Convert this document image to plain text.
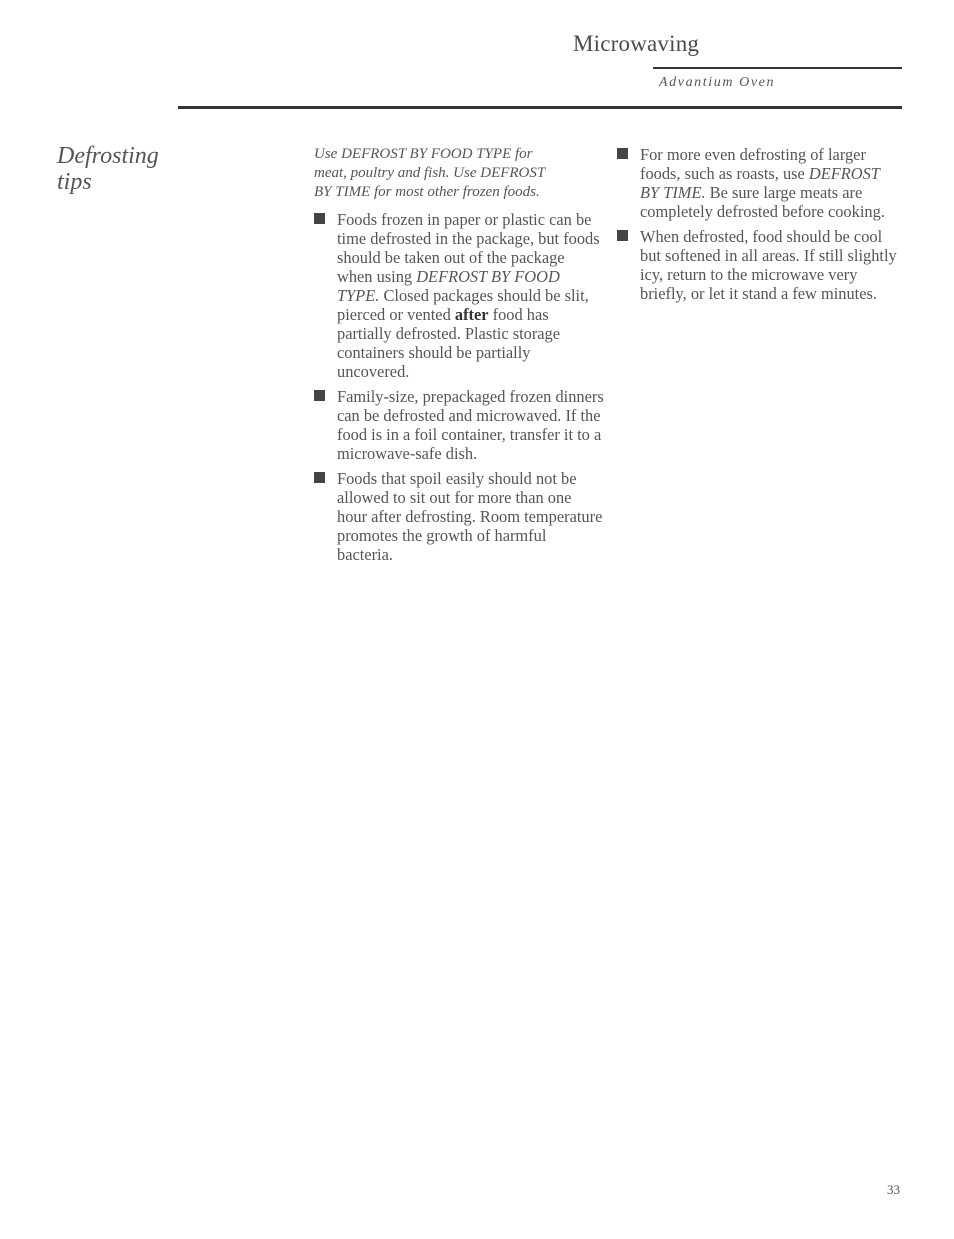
Microwaving
Advantium Oven
Defrosting
tips
Use DEFROST BY FOOD TYPE for
meat, poultry and fish. Use DEFROST
BY TIME for most other frozen foods.
Foods frozen in paper or plastic can be time defrosted in the package, but foods should be taken out of the package when using DEFROST BY FOOD TYPE. Closed packages should be slit, pierced or vented after food has partially defrosted. Plastic storage containers should be partially uncovered.
Family-size, prepackaged frozen dinners can be defrosted and microwaved. If the food is in a foil container, transfer it to a microwave-safe dish.
Foods that spoil easily should not be allowed to sit out for more than one hour after defrosting. Room temperature promotes the growth of harmful bacteria.
For more even defrosting of larger foods, such as roasts, use DEFROST BY TIME. Be sure large meats are completely defrosted before cooking.
When defrosted, food should be cool but softened in all areas. If still slightly icy, return to the microwave very briefly, or let it stand a few minutes.
33
